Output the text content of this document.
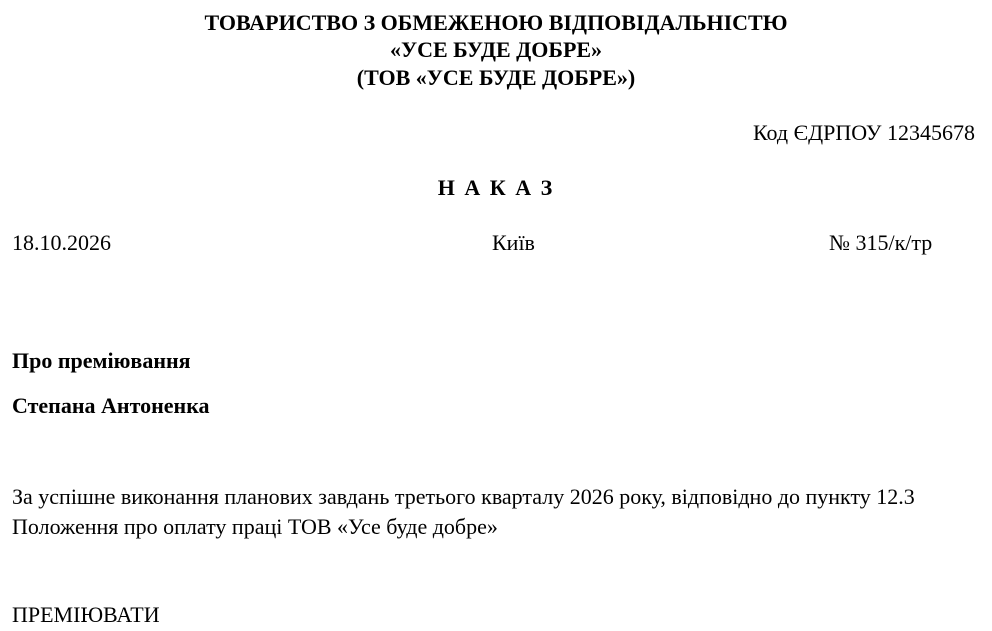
ТОВАРИСТВО З ОБМЕЖЕНОЮ ВІДПОВІДАЛЬНІСТЮ
«УСЕ БУДЕ ДОБРЕ»
(ТОВ «УСЕ БУДЕ ДОБРЕ»)
Код ЄДРПОУ 12345678
Н А К А З
18.10.2026	Київ	№ 315/к/тр
Про преміювання
Степана Антоненка
За успішне виконання планових завдань третього кварталу 2026 року, відповідно до пункту 12.3 Положення про оплату праці ТОВ «Усе буде добре»
ПРЕМІЮВАТИ
